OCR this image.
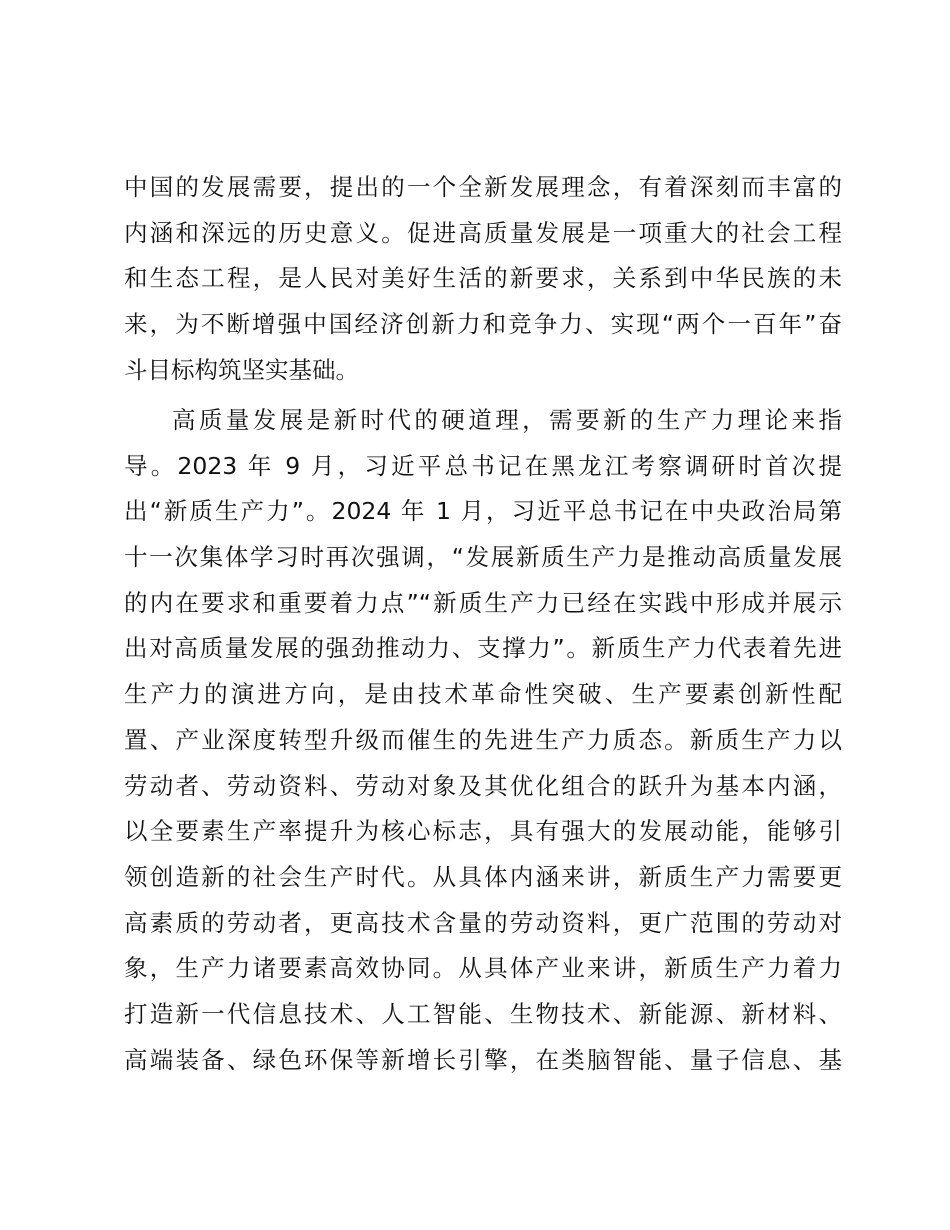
中国的发展需要，提出的一个全新发展理念，有着深刻而丰富的
内涵和深远的历史意义。促进高质量发展是一项重大的社会工程
和生态工程，是人民对美好生活的新要求，关系到中华民族的未
来，为不断增强中国经济创新力和竞争力、实现“两个一百年”奋
斗目标构筑坚实基础。
高质量发展是新时代的硬道理，需要新的生产力理论来指
导。2023 年 9 月，习近平总书记在黑龙江考察调研时首次提
出“新质生产力”。2024 年 1 月，习近平总书记在中央政治局第
十一次集体学习时再次强调，“发展新质生产力是推动高质量发展
的内在要求和重要着力点”“新质生产力已经在实践中形成并展示
出对高质量发展的强劲推动力、支撑力”。新质生产力代表着先进
生产力的演进方向，是由技术革命性突破、生产要素创新性配
置、产业深度转型升级而催生的先进生产力质态。新质生产力以
劳动者、劳动资料、劳动对象及其优化组合的跃升为基本内涵，
以全要素生产率提升为核心标志，具有强大的发展动能，能够引
领创造新的社会生产时代。从具体内涵来讲，新质生产力需要更
高素质的劳动者，更高技术含量的劳动资料，更广范围的劳动对
象，生产力诸要素高效协同。从具体产业来讲，新质生产力着力
打造新一代信息技术、人工智能、生物技术、新能源、新材料、
高端装备、绿色环保等新增长引擎，在类脑智能、量子信息、基
